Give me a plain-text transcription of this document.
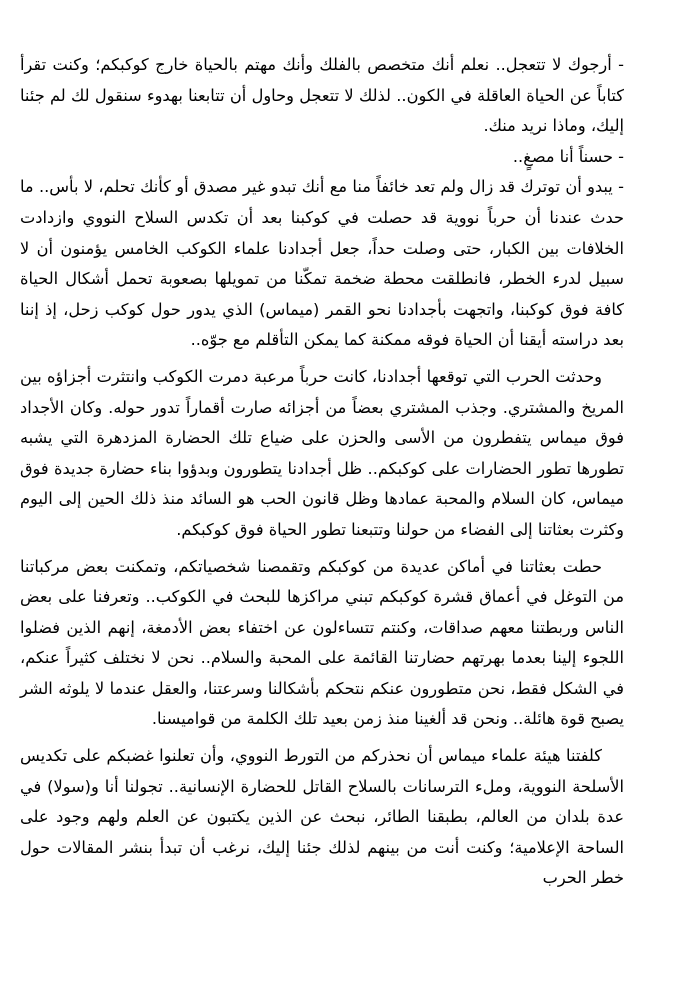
- أرجوك لا تتعجل.. نعلم أنك متخصص بالفلك وأنك مهتم بالحياة خارج كوكبكم؛ وكنت تقرأ كتاباً عن الحياة العاقلة في الكون.. لذلك لا تتعجل وحاول أن تتابعنا بهدوء سنقول لك لم جئنا إليك، وماذا نريد منك.

- حسناً أنا مصغٍ..

- يبدو أن توترك قد زال ولم تعد خائفاً منا مع أنك تبدو غير مصدق أو كأنك تحلم، لا بأس.. ما حدث عندنا أن حرباً نووية قد حصلت في كوكبنا بعد أن تكدس السلاح النووي وازدادت الخلافات بين الكبار، حتى وصلت حداً، جعل أجدادنا علماء الكوكب الخامس يؤمنون أن لا سبيل لدرء الخطر، فانطلقت محطة ضخمة تمكّنا من تمويلها بصعوبة تحمل أشكال الحياة كافة فوق كوكبنا، واتجهت بأجدادنا نحو القمر (ميماس) الذي يدور حول كوكب زحل، إذ إننا بعد دراسته أيقنا أن الحياة فوقه ممكنة كما يمكن التأقلم مع جوّه..

وحدثت الحرب التي توقعها أجدادنا، كانت حرباً مرعبة دمرت الكوكب وانتثرت أجزاؤه بين المريخ والمشتري. وجذب المشتري بعضاً من أجزائه صارت أقماراً تدور حوله. وكان الأجداد فوق ميماس يتفطرون من الأسى والحزن على ضياع تلك الحضارة المزدهرة التي يشبه تطورها تطور الحضارات على كوكبكم.. ظل أجدادنا يتطورون وبدؤوا بناء حضارة جديدة فوق ميماس، كان السلام والمحبة عمادها وظل قانون الحب هو السائد منذ ذلك الحين إلى اليوم وكثرت بعثاتنا إلى الفضاء من حولنا وتتبعنا تطور الحياة فوق كوكبكم.

حطت بعثاتنا في أماكن عديدة من كوكبكم وتقمصنا شخصياتكم، وتمكنت بعض مركباتنا من التوغل في أعماق قشرة كوكبكم تبني مراكزها للبحث في الكوكب.. وتعرفنا على بعض الناس وربطتنا معهم صداقات، وكنتم تتساءلون عن اختفاء بعض الأدمغة، إنهم الذين فضلوا اللجوء إلينا بعدما بهرتهم حضارتنا القائمة على المحبة والسلام.. نحن لا نختلف كثيراً عنكم، في الشكل فقط، نحن متطورون عنكم نتحكم بأشكالنا وسرعتنا، والعقل عندما لا يلوثه الشر يصبح قوة هائلة.. ونحن قد ألغينا منذ زمن بعيد تلك الكلمة من قواميسنا.

كلفتنا هيئة علماء ميماس أن نحذركم من التورط النووي، وأن تعلنوا غضبكم على تكديس الأسلحة النووية، وملء الترسانات بالسلاح القاتل للحضارة الإنسانية.. تجولنا أنا و(سولا) في عدة بلدان من العالم، بطبقنا الطائر، نبحث عن الذين يكتبون عن العلم ولهم وجود على الساحة الإعلامية؛ وكنت أنت من بينهم لذلك جئنا إليك، نرغب أن تبدأ بنشر المقالات حول خطر الحرب
